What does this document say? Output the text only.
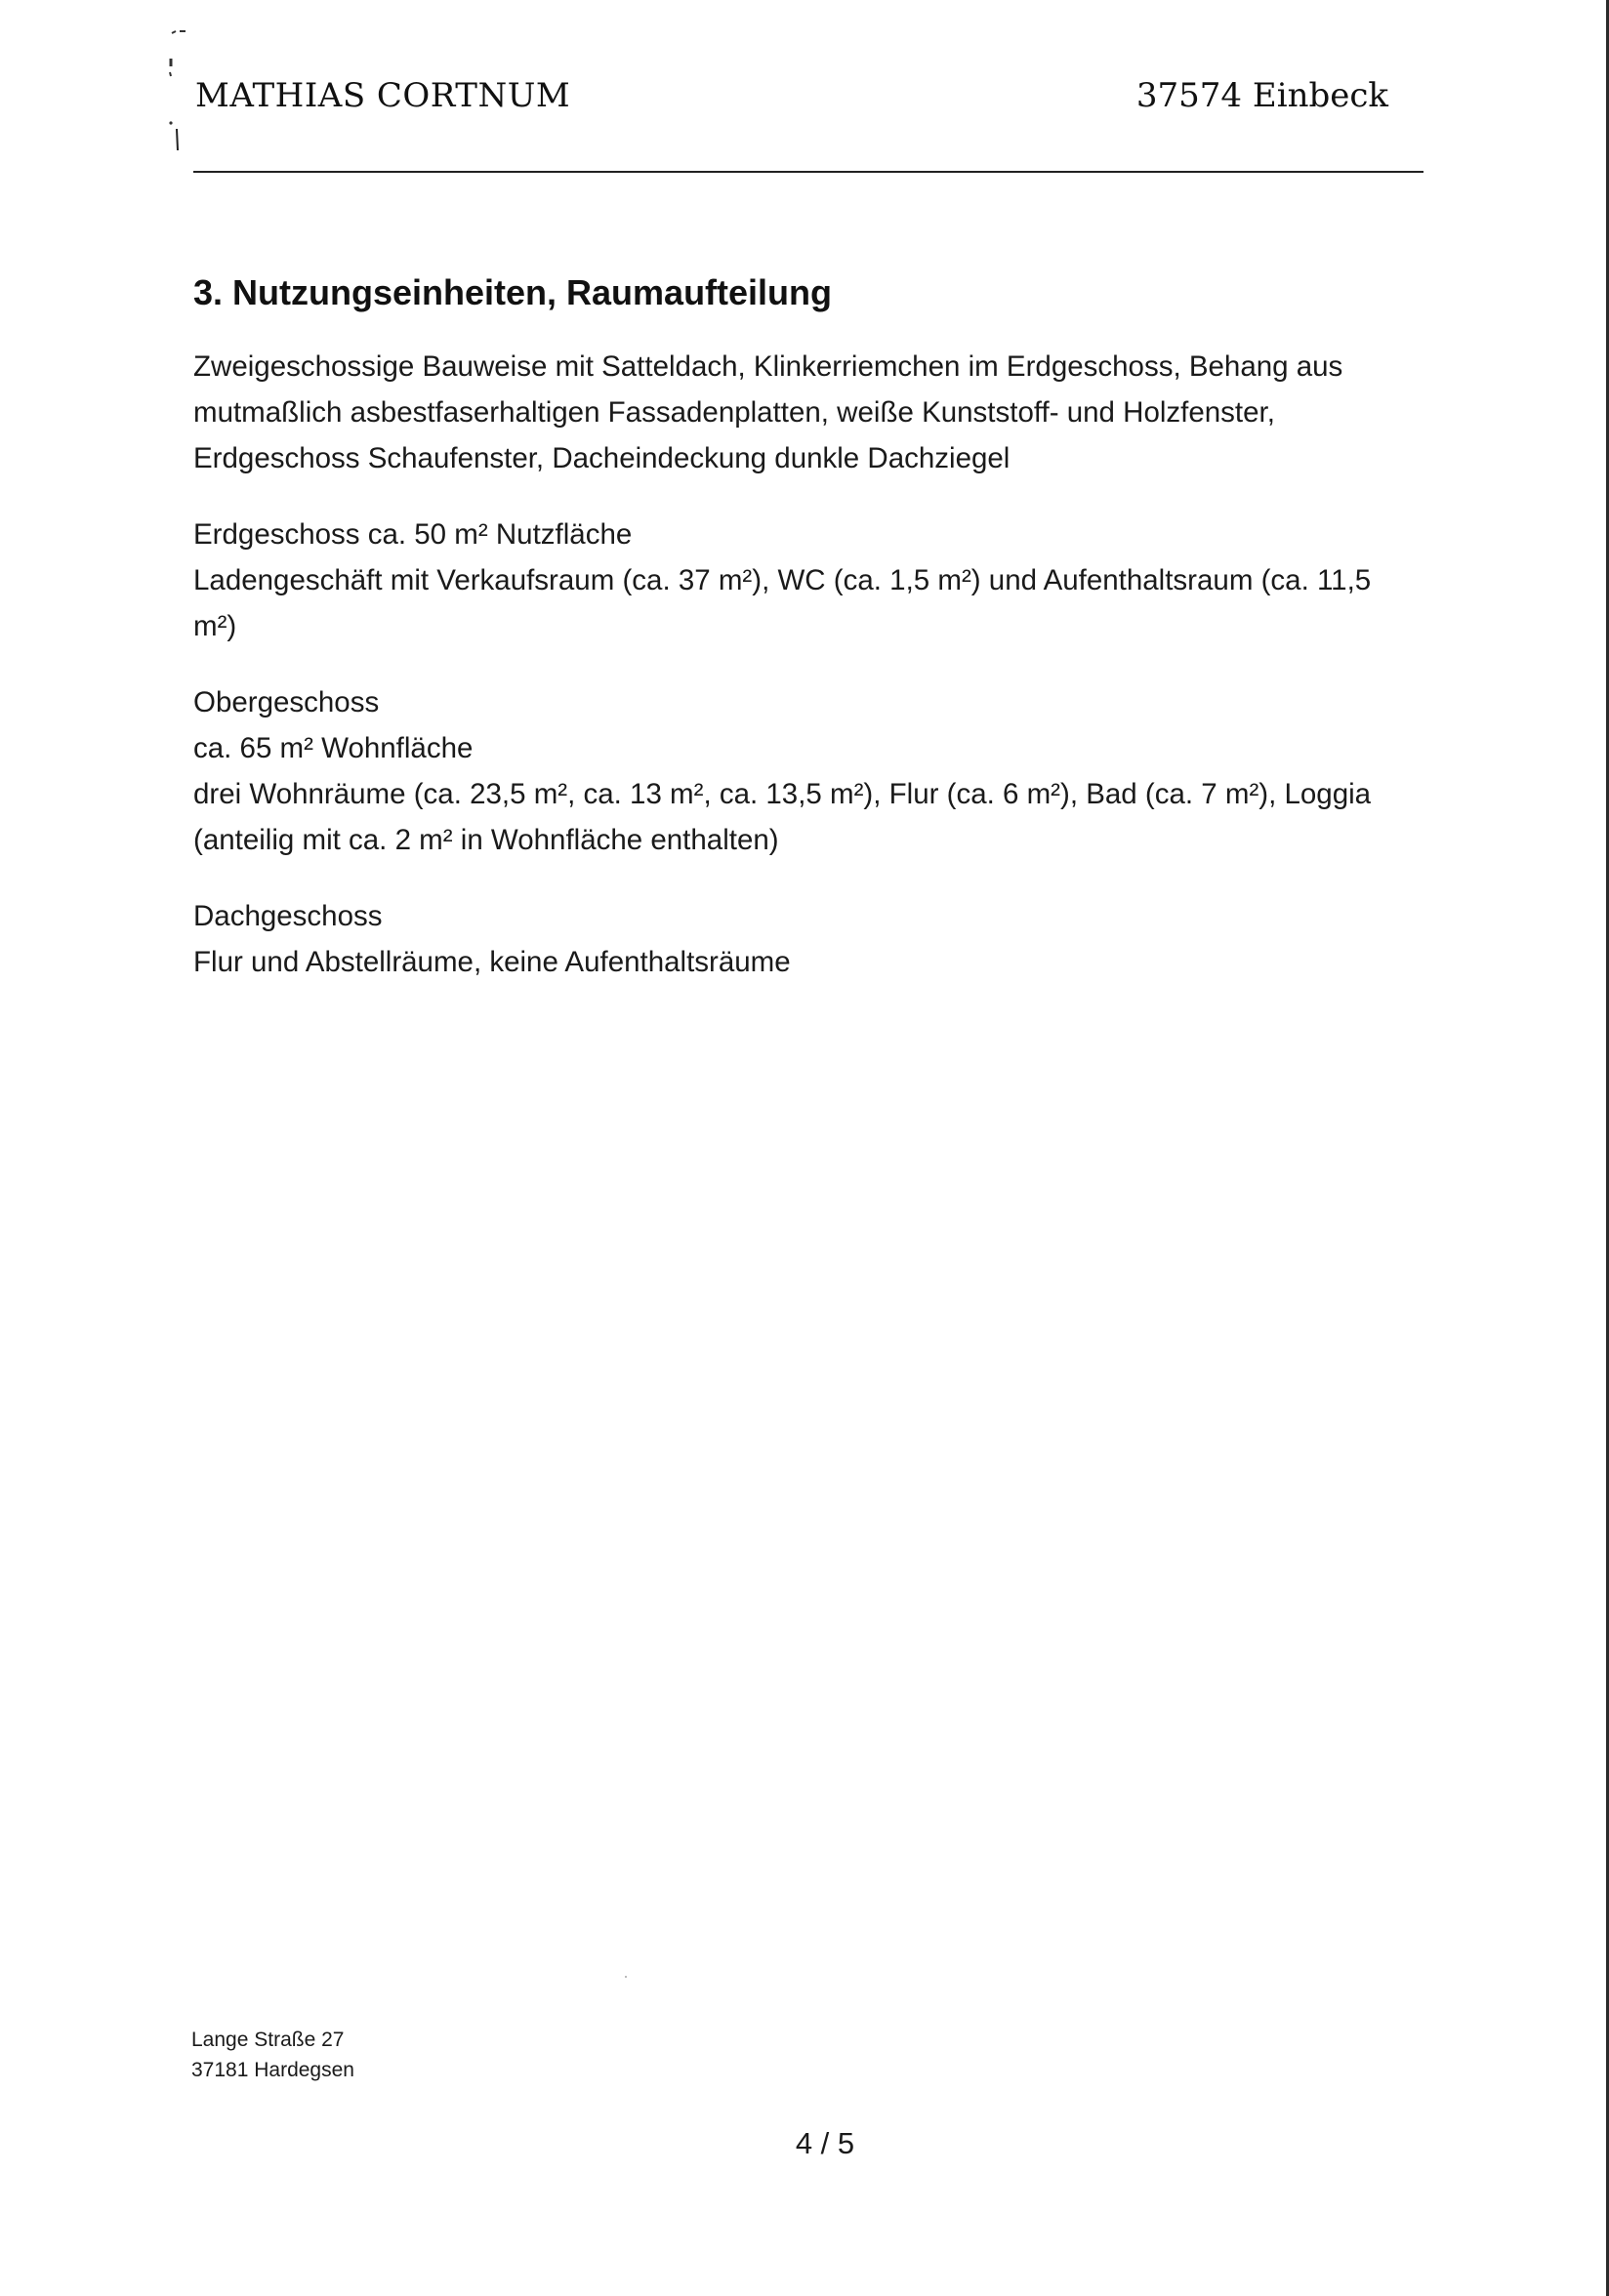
MATHIAS CORTNUM	37574 Einbeck
3. Nutzungseinheiten, Raumaufteilung
Zweigeschossige Bauweise mit Satteldach, Klinkerriemchen im Erdgeschoss, Behang aus
mutmaßlich asbestfaserhaltigen Fassadenplatten, weiße Kunststoff- und Holzfenster,
Erdgeschoss Schaufenster, Dacheindeckung dunkle Dachziegel
Erdgeschoss ca. 50 m² Nutzfläche
Ladengeschäft mit Verkaufsraum (ca. 37 m²), WC (ca. 1,5 m²) und Aufenthaltsraum (ca. 11,5
m²)
Obergeschoss
ca. 65 m² Wohnfläche
drei Wohnräume (ca. 23,5 m², ca. 13 m², ca. 13,5 m²), Flur (ca. 6 m²), Bad (ca. 7 m²), Loggia
(anteilig mit ca. 2 m² in Wohnfläche enthalten)
Dachgeschoss
Flur und Abstellräume, keine Aufenthaltsräume
Lange Straße 27
37181 Hardegsen
4 / 5
